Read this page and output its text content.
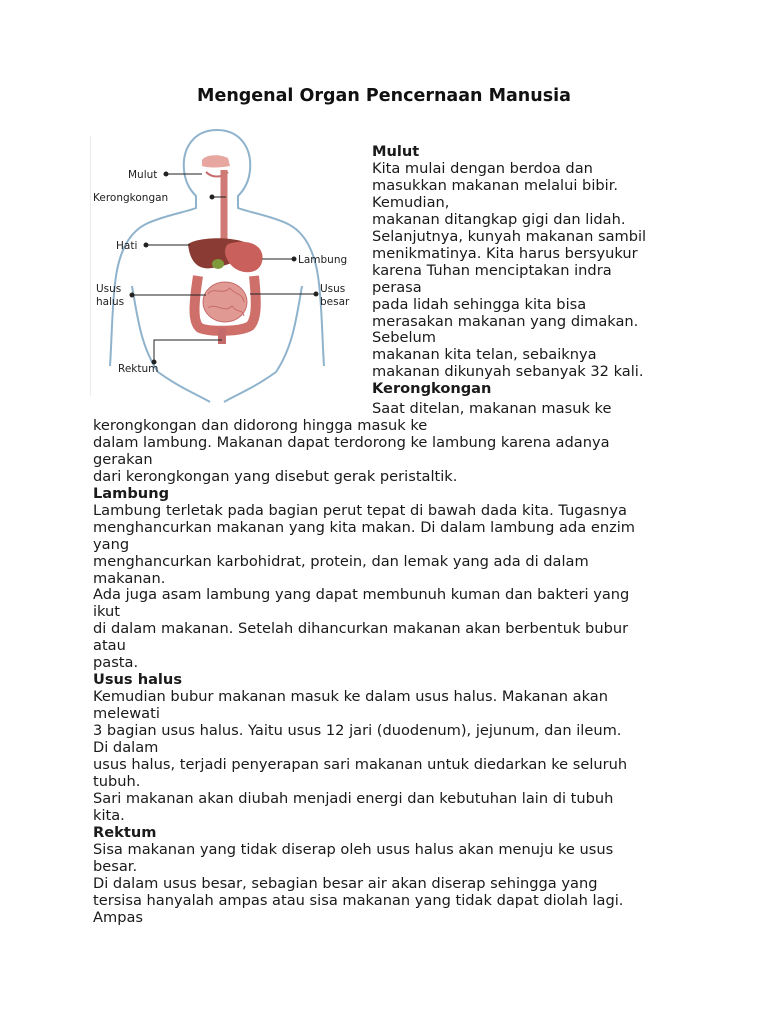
Mengenal Organ Pencernaan Manusia
Mulut
Kerongkongan
Hati
Lambung
Usus
halus
Usus
besar
Rektum
Mulut
Kita mulai dengan berdoa dan
masukkan makanan melalui bibir.
Kemudian,
makanan ditangkap gigi dan lidah.
Selanjutnya, kunyah makanan sambil
menikmatinya. Kita harus bersyukur
karena Tuhan menciptakan indra
perasa
pada lidah sehingga kita bisa
merasakan makanan yang dimakan.
Sebelum
makanan kita telan, sebaiknya
makanan dikunyah sebanyak 32 kali.
Kerongkongan
Saat ditelan, makanan masuk ke
kerongkongan dan didorong hingga masuk ke
dalam lambung. Makanan dapat terdorong ke lambung karena adanya
gerakan
dari kerongkongan yang disebut gerak peristaltik.
Lambung
Lambung terletak pada bagian perut tepat di bawah dada kita. Tugasnya
menghancurkan makanan yang kita makan. Di dalam lambung ada enzim
yang
menghancurkan karbohidrat, protein, dan lemak yang ada di dalam
makanan.
Ada juga asam lambung yang dapat membunuh kuman dan bakteri yang
ikut
di dalam makanan. Setelah dihancurkan makanan akan berbentuk bubur
atau
pasta.
Usus halus
Kemudian bubur makanan masuk ke dalam usus halus. Makanan akan
melewati
3 bagian usus halus. Yaitu usus 12 jari (duodenum), jejunum, dan ileum.
Di dalam
usus halus, terjadi penyerapan sari makanan untuk diedarkan ke seluruh
tubuh.
Sari makanan akan diubah menjadi energi dan kebutuhan lain di tubuh
kita.
Rektum
Sisa makanan yang tidak diserap oleh usus halus akan menuju ke usus
besar.
Di dalam usus besar, sebagian besar air akan diserap sehingga yang
tersisa hanyalah ampas atau sisa makanan yang tidak dapat diolah lagi.
Ampas
